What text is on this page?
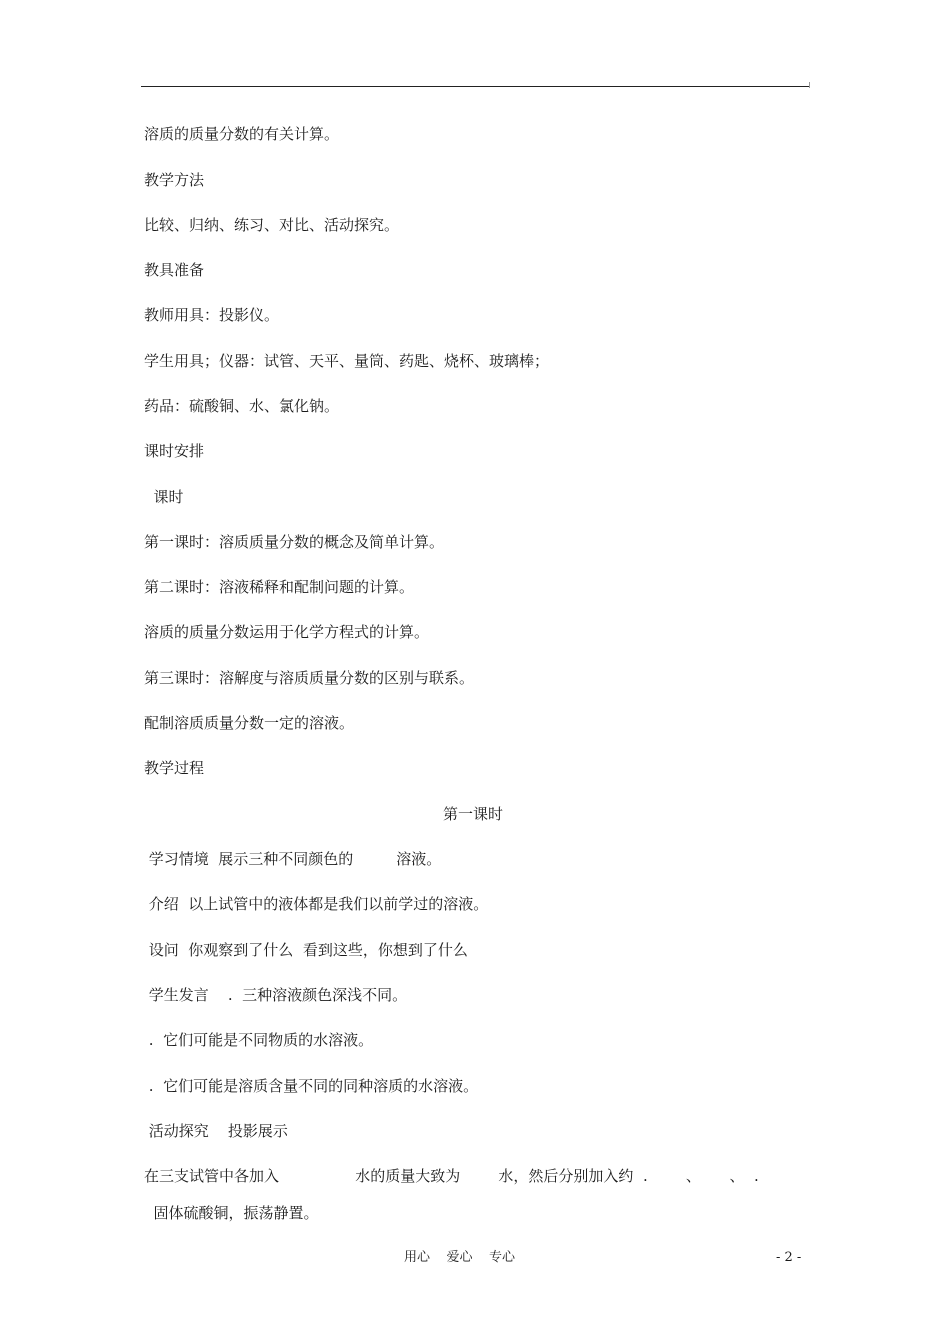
溶质的质量分数的有关计算。
教学方法
比较、归纳、练习、对比、活动探究。
教具准备
教师用具：投影仪。
学生用具；仪器：试管、天平、量筒、药匙、烧杯、玻璃棒；
药品：硫酸铜、水、氯化钠。
课时安排
课时
第一课时：溶质质量分数的概念及简单计算。
第二课时：溶液稀释和配制问题的计算。
溶质的质量分数运用于化学方程式的计算。
第三课时：溶解度与溶质质量分数的区别与联系。
配制溶质质量分数一定的溶液。
教学过程
第一课时
学习情境  展示三种不同颜色的         溶液。
介绍  以上试管中的液体都是我们以前学过的溶液。
设问  你观察到了什么  看到这些，你想到了什么
学生发言    .  三种溶液颜色深浅不同。
.  它们可能是不同物质的水溶液。
.  它们可能是溶质含量不同的同种溶质的水溶液。
活动探究    投影展示
在三支试管中各加入                水的质量大致为        水，然后分别加入约  .        、      、  .
固体硫酸铜，振荡静置。
用心    爱心    专心	- 2 -
